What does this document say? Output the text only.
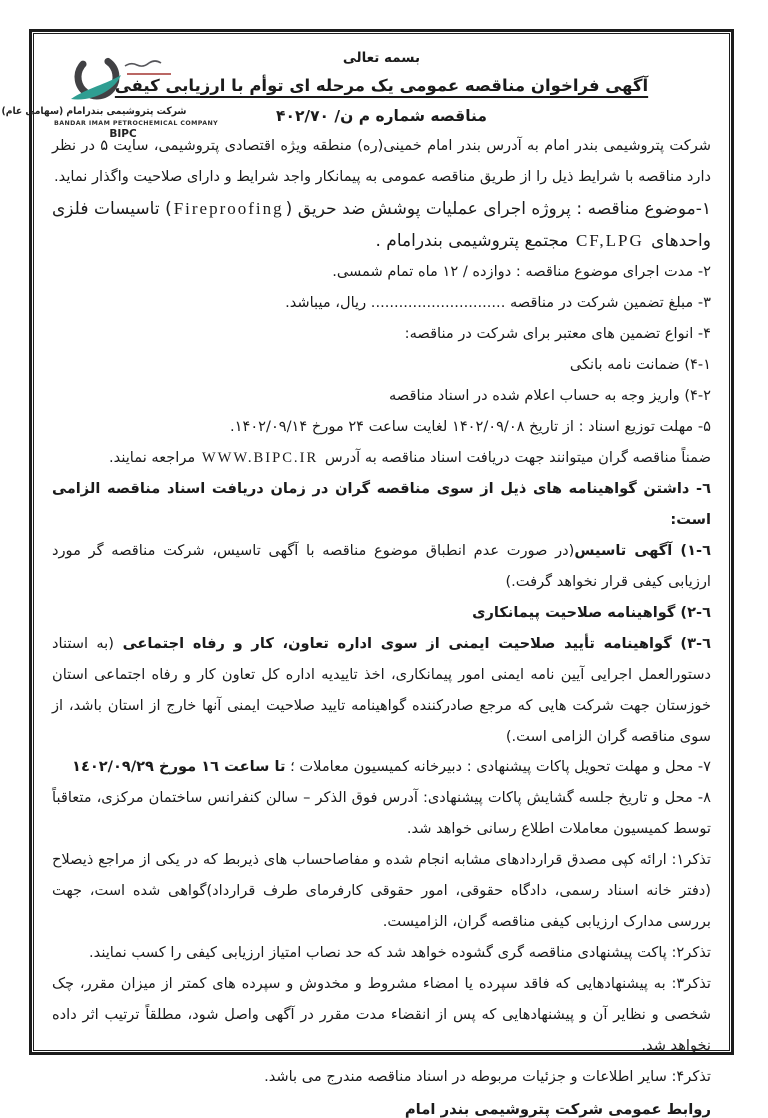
شرکت پتروشیمی بندرامام (سهامی عام)
BANDAR IMAM PETROCHEMICAL COMPANY
BIPC
بسمه تعالی
آگهی فراخوان مناقصه عمومی یک مرحله ای توأم با ارزیابی کیفی
مناقصه شماره م ن/ ۴۰۲/۷۰
شرکت پتروشیمی بندر امام به آدرس بندر امام خمینی(ره) منطقه ویژه اقتصادی پتروشیمی، سایت ۵ در نظر دارد مناقصه با شرایط ذیل را از طریق مناقصه عمومی به پیمانکار واجد شرایط و دارای صلاحیت واگذار نماید.
۱-موضوع مناقصه : پروژه اجرای عملیات پوشش ضد حریق (Fireproofing) تاسیسات فلزی واحدهای CF,LPG مجتمع پتروشیمی بندرامام .
۲- مدت اجرای موضوع مناقصه : دوازده / ۱۲ ماه تمام شمسی.
۳- مبلغ تضمین شرکت در مناقصه ............................. ریال، میباشد.
۴- انواع تضمین های معتبر برای شرکت در مناقصه:
۴-۱) ضمانت نامه بانکی
۴-۲) واریز وجه به حساب اعلام شده در اسناد مناقصه
۵- مهلت توزیع اسناد : از تاریخ ۱۴۰۲/۰۹/۰۸ لغایت ساعت ۲۴ مورخ ۱۴۰۲/۰۹/۱۴.
ضمناً مناقصه گران میتوانند جهت دریافت اسناد مناقصه به آدرس WWW.BIPC.IR مراجعه نمایند.
٦- داشتن گواهینامه های ذیل از سوی مناقصه گران در زمان دریافت اسناد مناقصه الزامی است:
٦-١) آگهی تاسیس(در صورت عدم انطباق موضوع مناقصه با آگهی تاسیس، شرکت مناقصه گر مورد ارزیابی کیفی قرار نخواهد گرفت.)
٦-٢) گواهینامه صلاحیت پیمانکاری
٦-٣) گواهینامه تأیید صلاحیت ایمنی از سوی اداره تعاون، کار و رفاه اجتماعی (به استناد دستورالعمل اجرایی آیین نامه ایمنی امور پیمانکاری، اخذ تاییدیه اداره کل تعاون کار و رفاه اجتماعی استان خوزستان جهت شرکت هایی که مرجع صادرکننده گواهینامه تایید صلاحیت ایمنی آنها خارج از استان باشد، از سوی مناقصه گران الزامی است.)
٧- محل و مهلت تحویل پاکات پیشنهادی : دبیرخانه کمیسیون معاملات ؛ تا ساعت ١٦ مورخ ١٤٠٢/٠٩/٢٩
٨- محل و تاریخ جلسه گشایش پاکات پیشنهادی: آدرس فوق الذکر – سالن کنفرانس ساختمان مرکزی، متعاقباً توسط کمیسیون معاملات اطلاع رسانی خواهد شد.
تذکر۱: ارائه کپی مصدق قراردادهای مشابه انجام شده و مفاصاحساب های ذیربط که در یکی از مراجع ذیصلاح (دفتر خانه اسناد رسمی، دادگاه حقوقی، امور حقوقی کارفرمای طرف قرارداد)گواهی شده است، جهت بررسی مدارک ارزیابی کیفی مناقصه گران، الزامیست.
تذکر۲: پاکت پیشنهادی مناقصه گری گشوده خواهد شد که حد نصاب امتیاز ارزیابی کیفی را کسب نمایند.
تذکر۳: به پیشنهادهایی که فاقد سپرده یا امضاء مشروط و مخدوش و سپرده های کمتر از میزان مقرر، چک شخصی و نظایر آن و پیشنهادهایی که پس از انقضاء مدت مقرر در آگهی واصل شود، مطلقاً ترتیب اثر داده نخواهد شد.
تذکر۴: سایر اطلاعات و جزئیات مربوطه در اسناد مناقصه مندرج می باشد.
روابط عمومی شرکت پتروشیمی بندر امام
